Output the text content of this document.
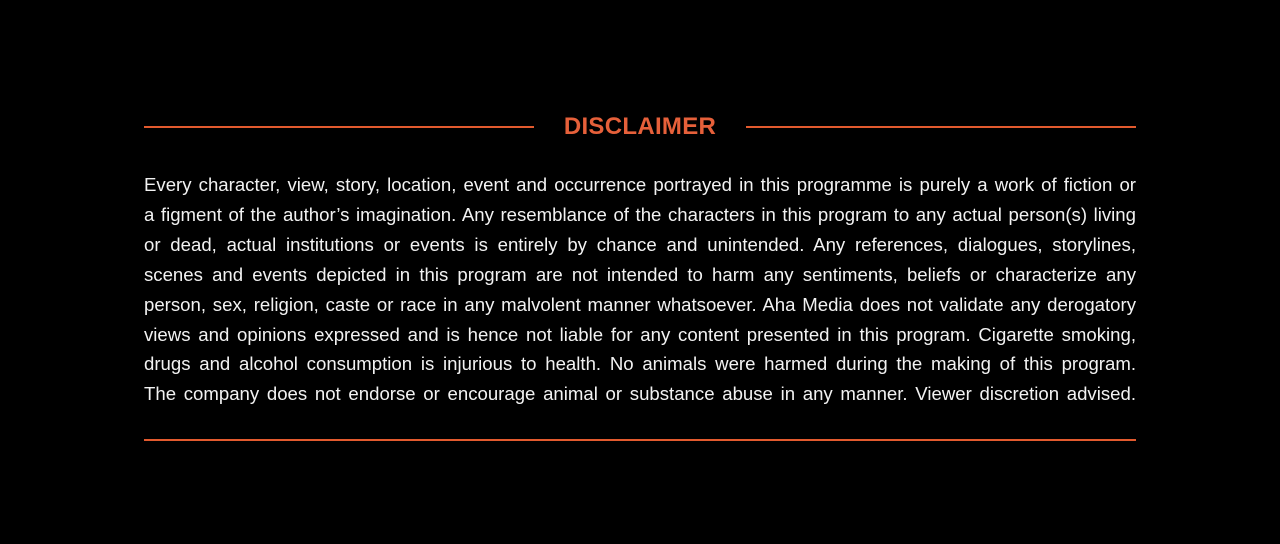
DISCLAIMER
Every character, view, story, location, event and occurrence portrayed in this programme is purely a work of fiction or
a figment of the author’s imagination. Any resemblance of the characters in this program to any actual person(s) living
or dead, actual institutions or events is entirely by chance and unintended. Any references, dialogues, storylines,
scenes and events depicted in this program are not intended to harm any sentiments, beliefs or characterize any
person, sex, religion, caste or race in any malvolent manner whatsoever. Aha Media does not validate any derogatory
views and opinions expressed and is hence not liable for any content presented in this program. Cigarette smoking,
drugs and alcohol consumption is injurious to health. No animals were harmed during the making of this program.
The company does not endorse or encourage animal or substance abuse in any manner. Viewer discretion advised.
